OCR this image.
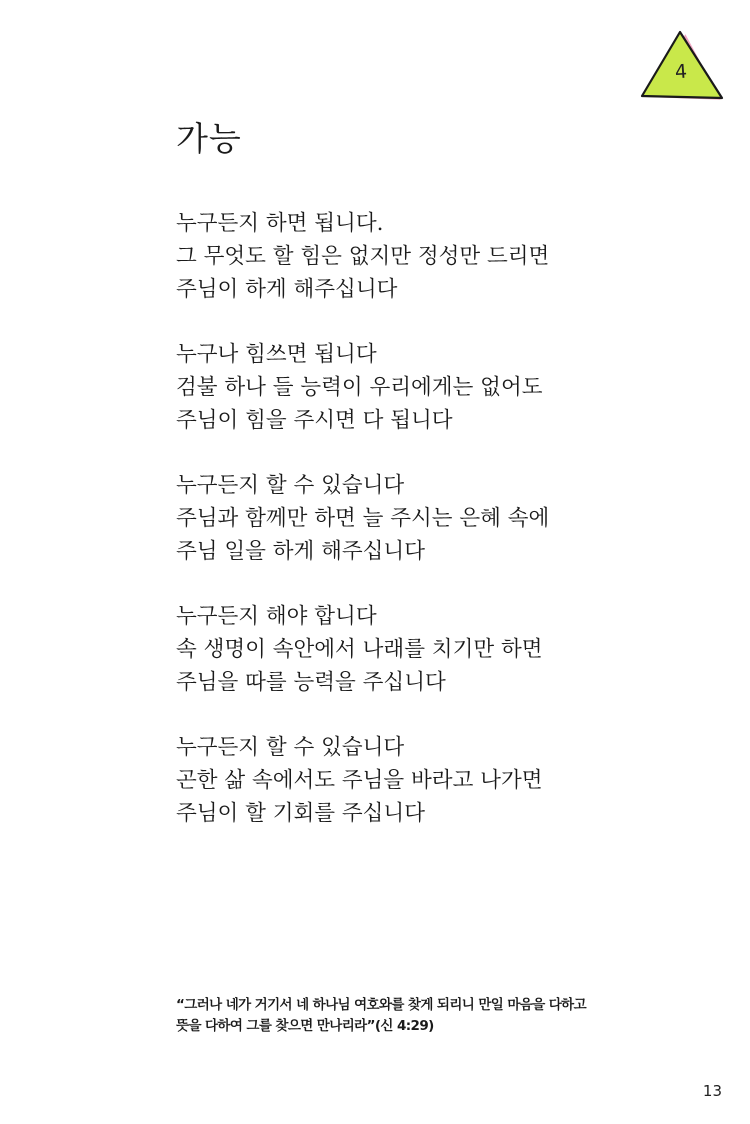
4
가능
누구든지 하면 됩니다.
그 무엇도 할 힘은 없지만 정성만 드리면
주님이 하게 해주십니다
누구나 힘쓰면 됩니다
검불 하나 들 능력이 우리에게는 없어도
주님이 힘을 주시면 다 됩니다
누구든지 할 수 있습니다
주님과 함께만 하면 늘 주시는 은혜 속에
주님 일을 하게 해주십니다
누구든지 해야 합니다
속 생명이 속안에서 나래를 치기만 하면
주님을 따를 능력을 주십니다
누구든지 할 수 있습니다
곤한 삶 속에서도 주님을 바라고 나가면
주님이 할 기회를 주십니다
“그러나 네가 거기서 네 하나님 여호와를 찾게 되리니 만일 마음을 다하고
뜻을 다하여 그를 찾으면 만나리라”(신 4:29)
13
